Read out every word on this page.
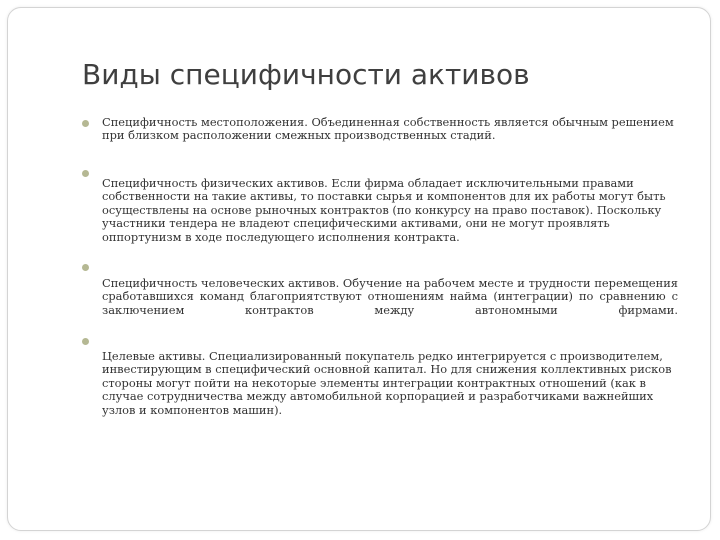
Виды специфичности активов

Специфичность местоположения. Объединенная собственность является обычным решением при близком расположении смежных производственных стадий.

Специфичность физических активов. Если фирма обладает исключительными правами собственности на такие активы, то поставки сырья и компонентов для их работы могут быть осуществлены на основе рыночных контрактов (по конкурсу на право поставок). Поскольку участники тендера не владеют специфическими активами, они не могут проявлять оппортунизм в ходе последующего исполнения контракта.

Специфичность человеческих активов. Обучение на рабочем месте и трудности перемещения сработавшихся команд благоприятствуют отношениям найма (интеграции) по сравнению с заключением контрактов между автономными фирмами.

Целевые активы. Специализированный покупатель редко интегрируется с производителем, инвестирующим в специфический основной капитал. Но для снижения коллективных рисков стороны могут пойти на некоторые элементы интеграции контрактных отношений (как в случае сотрудничества между автомобильной корпорацией и разработчиками важнейших узлов и компонентов машин).
